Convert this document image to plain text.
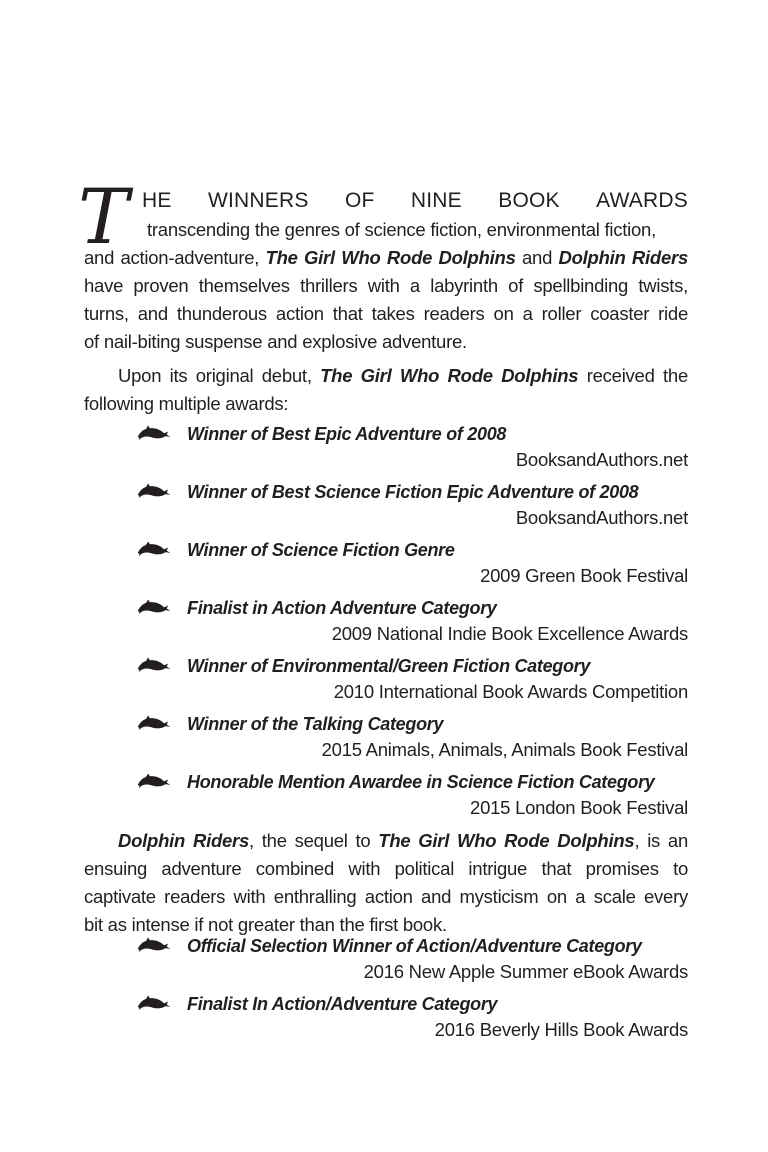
T HE WINNERS OF NINE BOOK AWARDS
transcending the genres of science fiction, environmental fiction,
and action-adventure, The Girl Who Rode Dolphins and Dolphin Riders
have proven themselves thrillers with a labyrinth of spellbinding twists,
turns, and thunderous action that takes readers on a roller coaster ride
of nail-biting suspense and explosive adventure.
Upon its original debut, The Girl Who Rode Dolphins received the
following multiple awards:
Winner of Best Epic Adventure of 2008
BooksandAuthors.net
Winner of Best Science Fiction Epic Adventure of 2008
BooksandAuthors.net
Winner of Science Fiction Genre
2009 Green Book Festival
Finalist in Action Adventure Category
2009 National Indie Book Excellence Awards
Winner of Environmental/Green Fiction Category
2010 International Book Awards Competition
Winner of the Talking Category
2015 Animals, Animals, Animals Book Festival
Honorable Mention Awardee in Science Fiction Category
2015 London Book Festival
Dolphin Riders, the sequel to The Girl Who Rode Dolphins, is an
ensuing adventure combined with political intrigue that promises to
captivate readers with enthralling action and mysticism on a scale every
bit as intense if not greater than the first book.
Official Selection Winner of Action/Adventure Category
2016 New Apple Summer eBook Awards
Finalist In Action/Adventure Category
2016 Beverly Hills Book Awards
